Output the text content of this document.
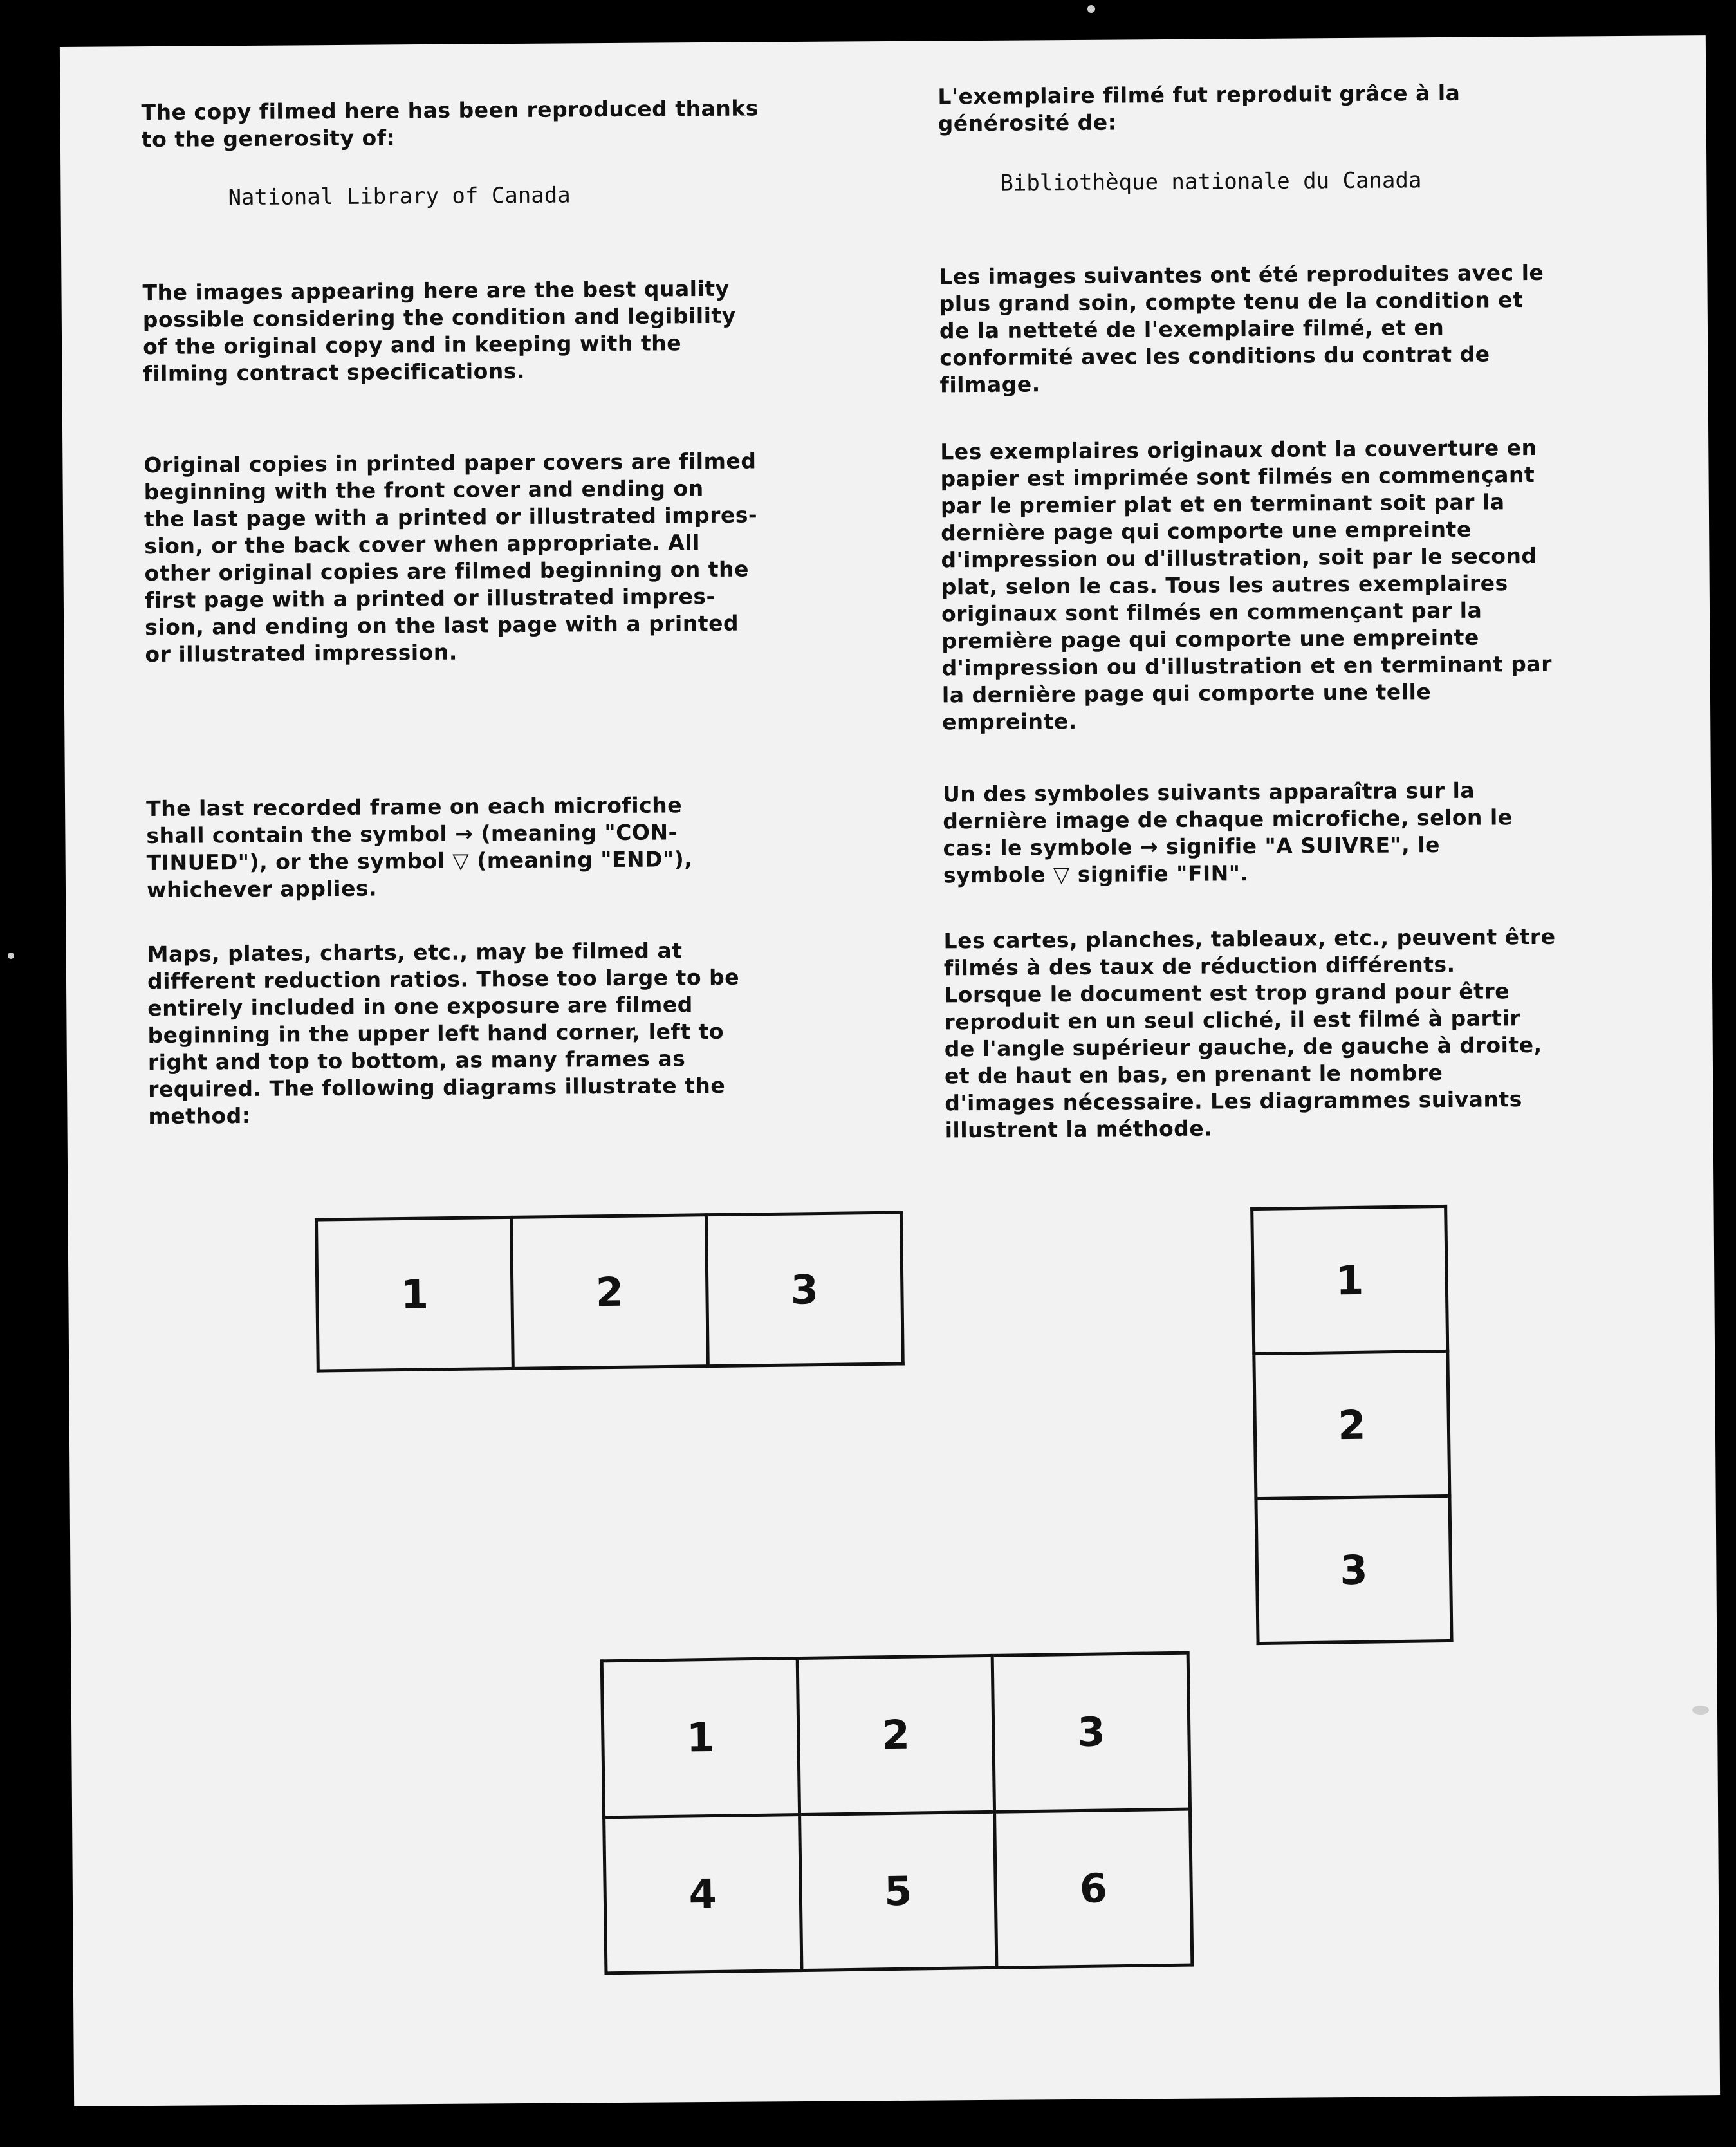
The copy filmed here has been reproduced thanks
to the generosity of:

National Library of Canada

The images appearing here are the best quality
possible considering the condition and legibility
of the original copy and in keeping with the
filming contract specifications.

Original copies in printed paper covers are filmed
beginning with the front cover and ending on
the last page with a printed or illustrated impres-
sion, or the back cover when appropriate. All
other original copies are filmed beginning on the
first page with a printed or illustrated impres-
sion, and ending on the last page with a printed
or illustrated impression.

The last recorded frame on each microfiche
shall contain the symbol → (meaning "CON-
TINUED"), or the symbol ▽ (meaning "END"),
whichever applies.

Maps, plates, charts, etc., may be filmed at
different reduction ratios. Those too large to be
entirely included in one exposure are filmed
beginning in the upper left hand corner, left to
right and top to bottom, as many frames as
required. The following diagrams illustrate the
method:

L'exemplaire filmé fut reproduit grâce à la
générosité de:

Bibliothèque nationale du Canada

Les images suivantes ont été reproduites avec le
plus grand soin, compte tenu de la condition et
de la netteté de l'exemplaire filmé, et en
conformité avec les conditions du contrat de
filmage.

Les exemplaires originaux dont la couverture en
papier est imprimée sont filmés en commençant
par le premier plat et en terminant soit par la
dernière page qui comporte une empreinte
d'impression ou d'illustration, soit par le second
plat, selon le cas. Tous les autres exemplaires
originaux sont filmés en commençant par la
première page qui comporte une empreinte
d'impression ou d'illustration et en terminant par
la dernière page qui comporte une telle
empreinte.

Un des symboles suivants apparaîtra sur la
dernière image de chaque microfiche, selon le
cas: le symbole → signifie "A SUIVRE", le
symbole ▽ signifie "FIN".

Les cartes, planches, tableaux, etc., peuvent être
filmés à des taux de réduction différents.
Lorsque le document est trop grand pour être
reproduit en un seul cliché, il est filmé à partir
de l'angle supérieur gauche, de gauche à droite,
et de haut en bas, en prenant le nombre
d'images nécessaire. Les diagrammes suivants
illustrent la méthode.

1	2	3	1
2
3
1	2	3
4	5	6
